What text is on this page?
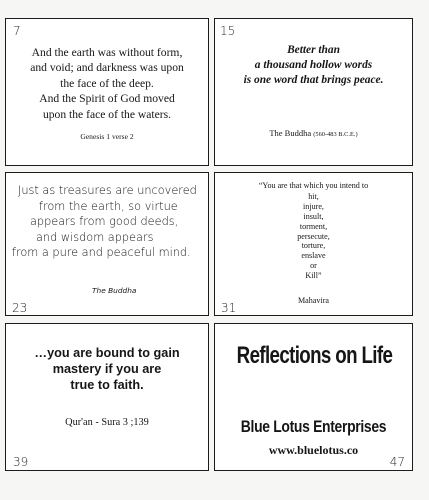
7
And the earth was without form,
and void; and darkness was upon
the face of the deep.
And the Spirit of God moved
upon the face of the waters.
Genesis 1 verse 2
15
Better than
a thousand hollow words
is one word that brings peace.
The Buddha (560-483 B.C.E.)
Just as treasures are uncovered
from the earth, so virtue
appears from good deeds,
and wisdom appears
from a pure and peaceful mind.
The Buddha
23
“You are that which you intend to
hit,
injure,
insult,
torment,
persecute,
torture,
enslave
or
Kill”
Mahavira
31
…you are bound to gain
mastery if you are
true to faith.
Qur'an - Sura 3 ;139
39
Reflections on Life
Blue Lotus Enterprises
www.bluelotus.co
47
